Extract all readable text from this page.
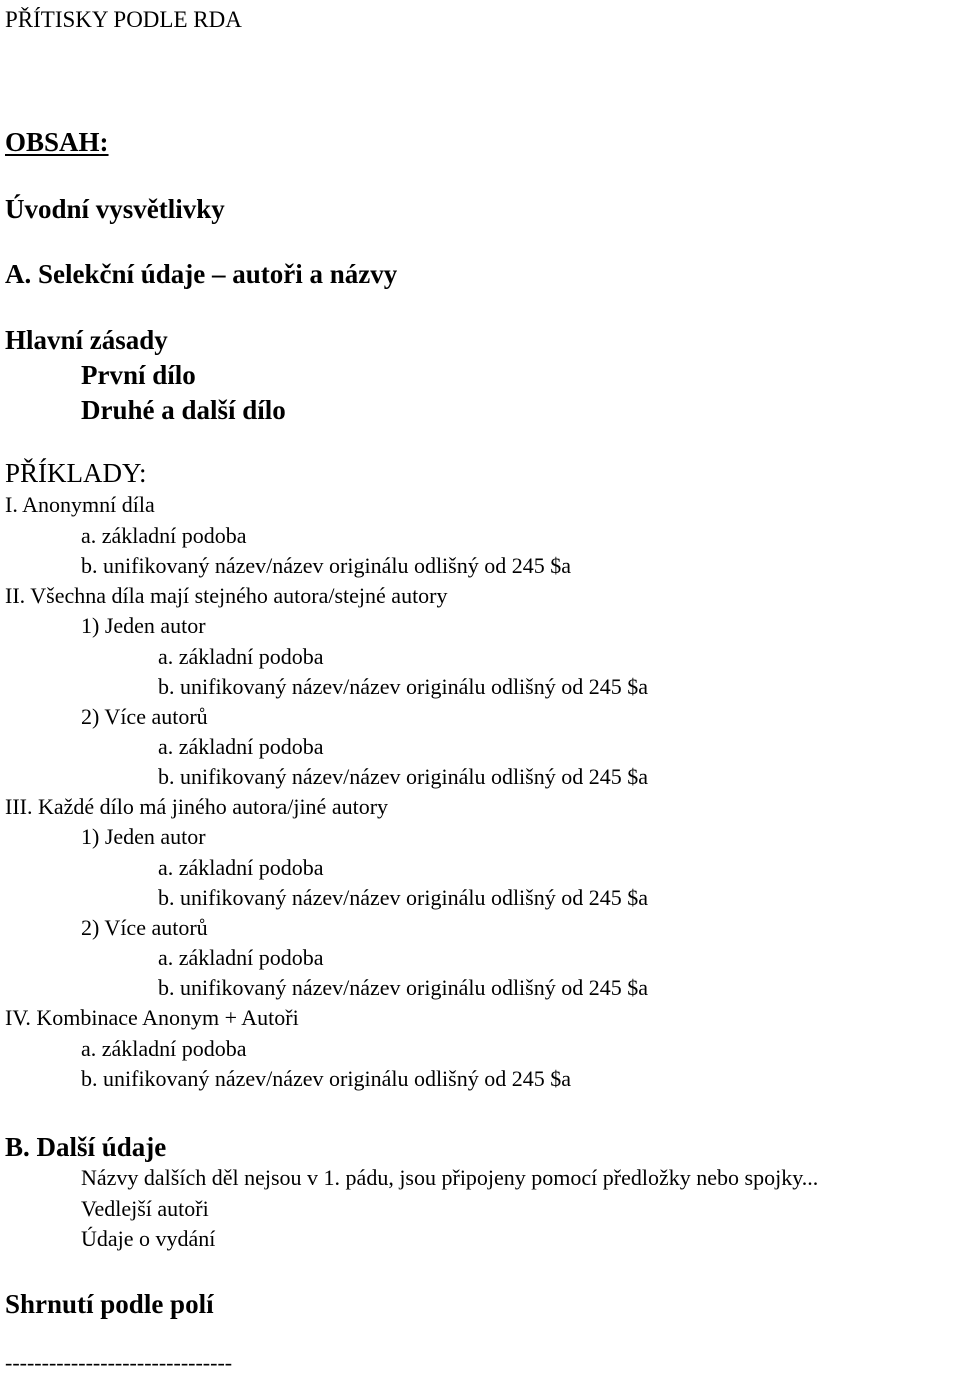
PŘÍTISKY PODLE RDA
OBSAH:
Úvodní vysvětlivky
A. Selekční údaje – autoři a názvy
Hlavní zásady
První dílo
Druhé a další dílo
PŘÍKLADY:
I. Anonymní díla
a. základní podoba
b. unifikovaný název/název originálu odlišný od 245 $a
II. Všechna díla mají stejného autora/stejné autory
1) Jeden autor
a. základní podoba
b. unifikovaný název/název originálu odlišný od 245 $a
2) Více autorů
a. základní podoba
b. unifikovaný název/název originálu odlišný od 245 $a
III. Každé dílo má jiného autora/jiné autory
1) Jeden autor
a. základní podoba
b. unifikovaný název/název originálu odlišný od 245 $a
2) Více autorů
a. základní podoba
b. unifikovaný název/název originálu odlišný od 245 $a
IV. Kombinace Anonym + Autoři
a. základní podoba
b. unifikovaný název/název originálu odlišný od 245 $a
B. Další údaje
Názvy dalších děl nejsou v 1. pádu, jsou připojeny pomocí předložky nebo spojky...
Vedlejší autoři
Údaje o vydání
Shrnutí podle polí
-------------------------------
